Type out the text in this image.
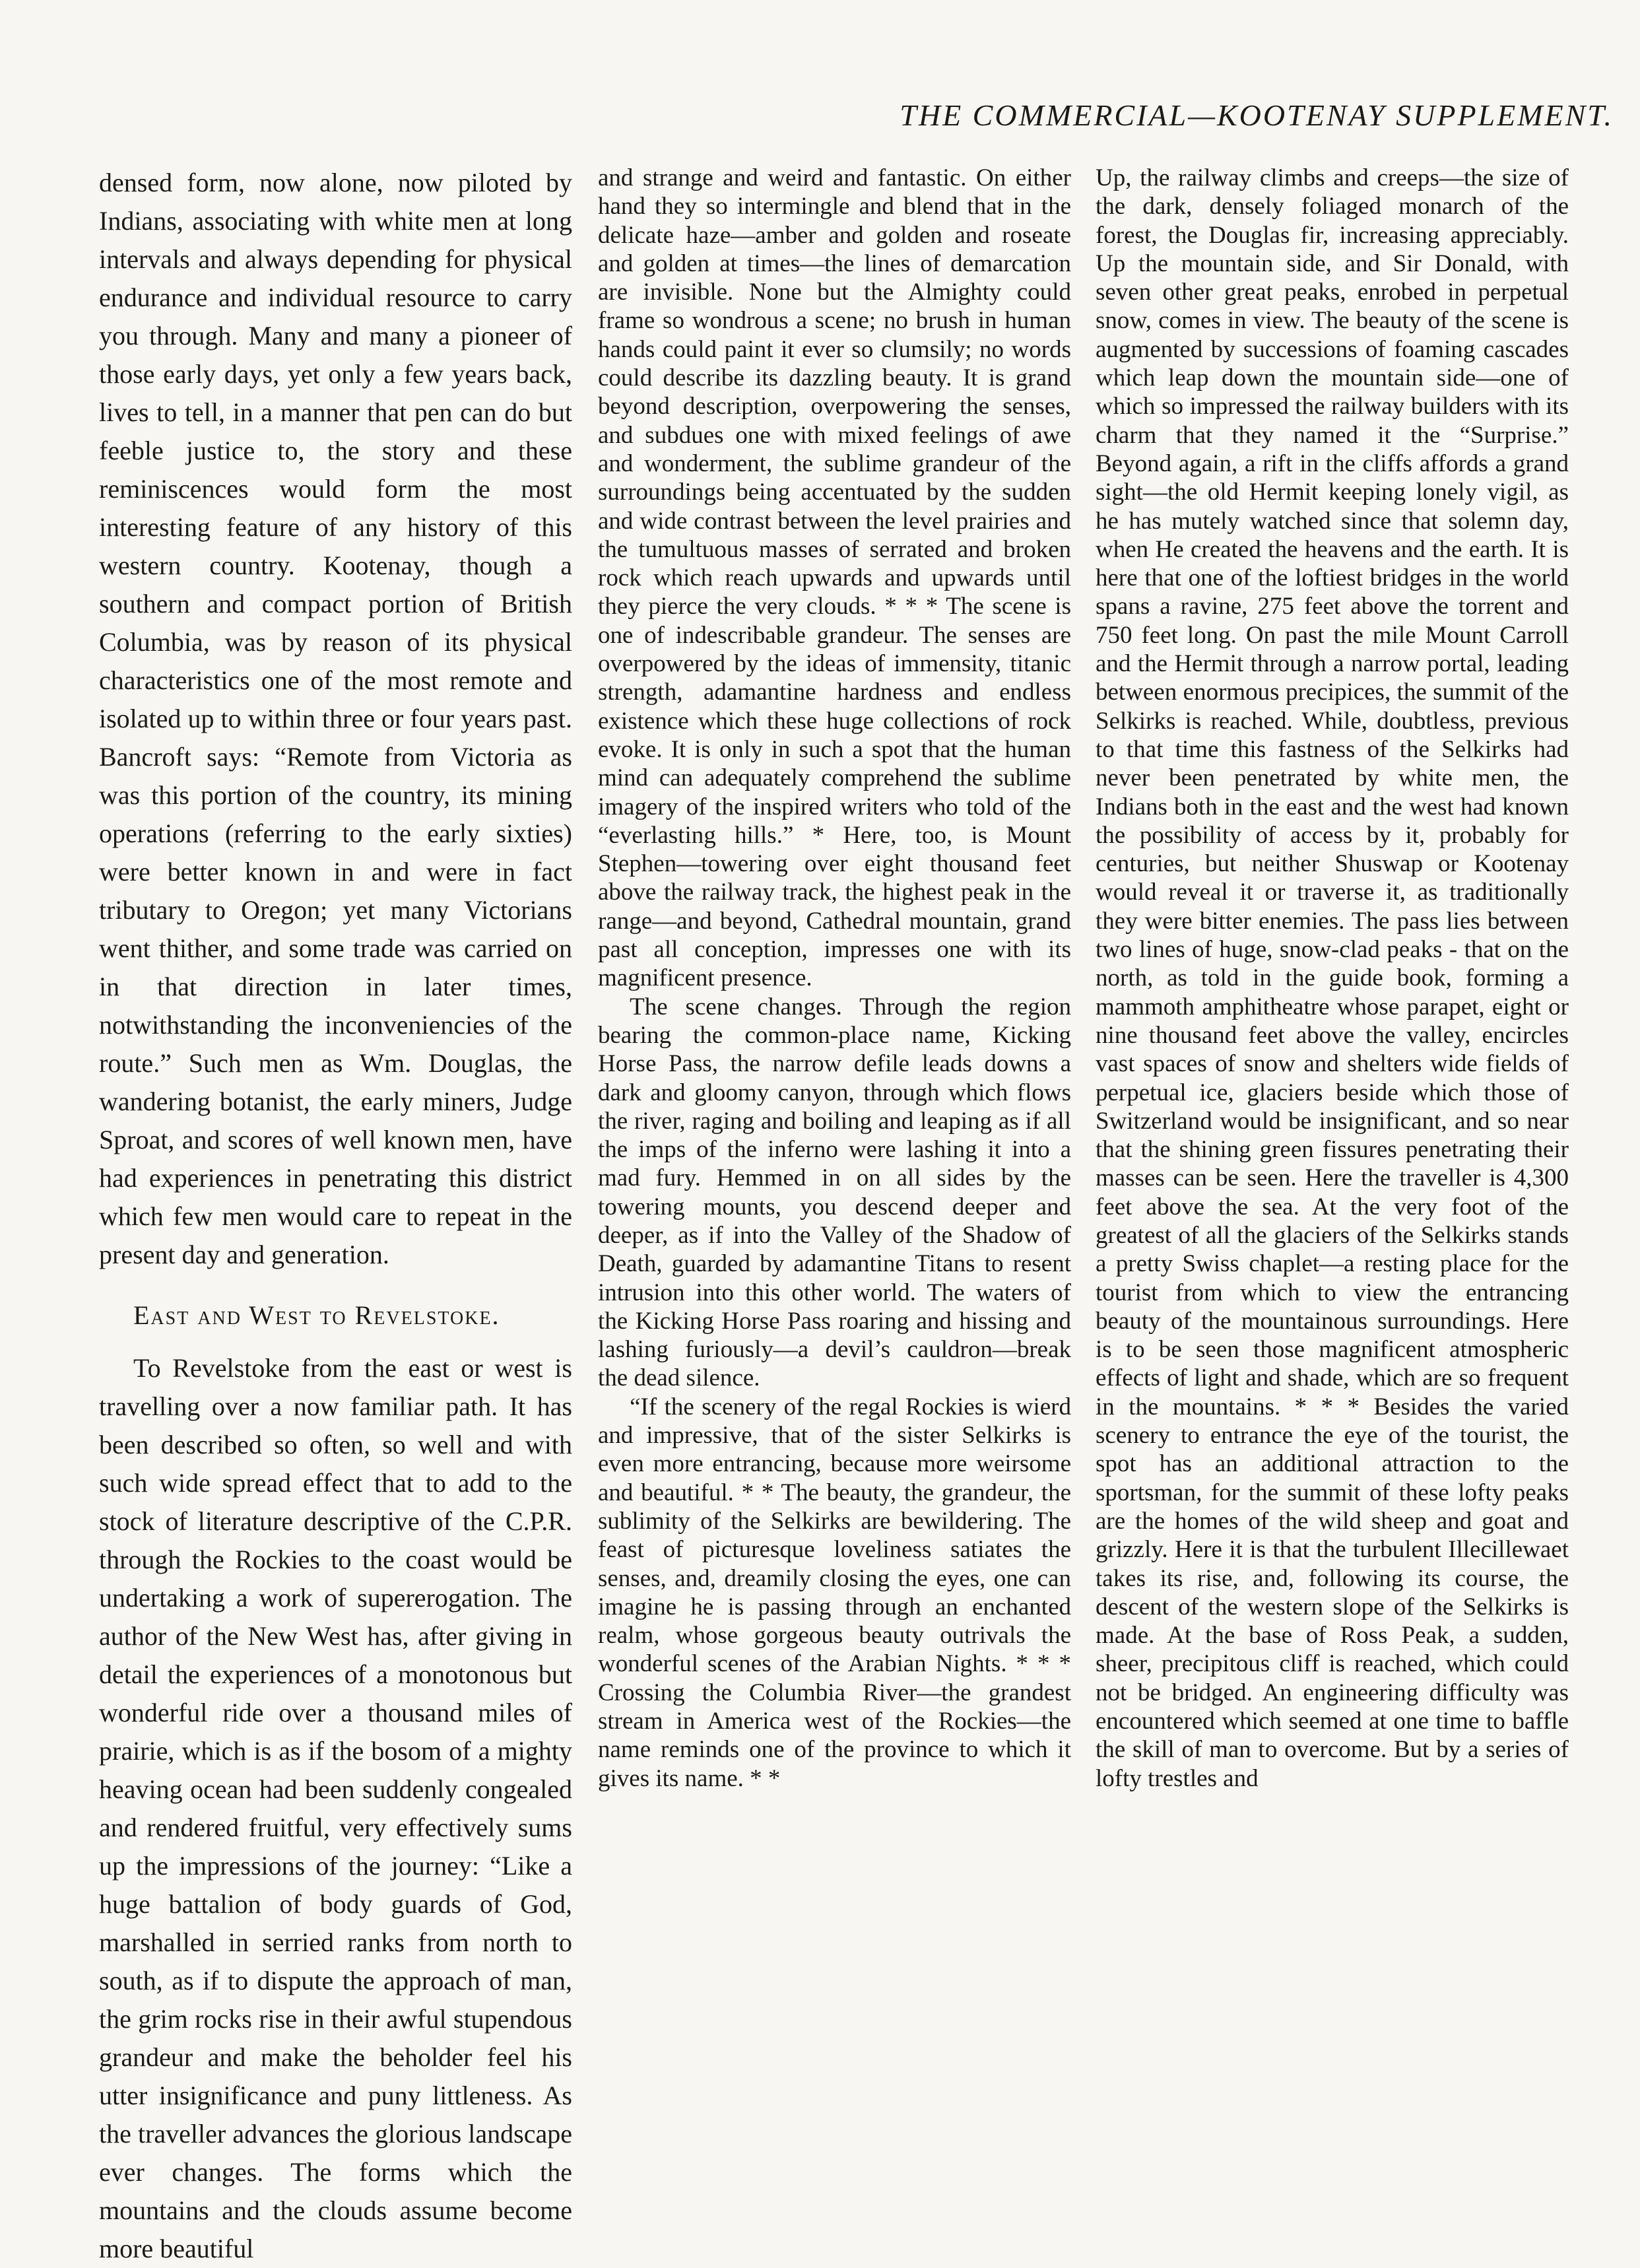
THE COMMERCIAL—KOOTENAY SUPPLEMENT.

densed form, now alone, now piloted by Indians, associating with white men at long intervals and always depending for physical endurance and individual resource to carry you through. Many and many a pioneer of those early days, yet only a few years back, lives to tell, in a manner that pen can do but feeble justice to, the story and these reminiscences would form the most interesting feature of any history of this western country. Kootenay, though a southern and compact portion of British Columbia, was by reason of its physical characteristics one of the most remote and isolated up to within three or four years past. Bancroft says: “Remote from Victoria as was this portion of the country, its mining operations (referring to the early sixties) were better known in and were in fact tributary to Oregon; yet many Victorians went thither, and some trade was carried on in that direction in later times, notwithstanding the inconveniencies of the route.” Such men as Wm. Douglas, the wandering botanist, the early miners, Judge Sproat, and scores of well known men, have had experiences in penetrating this district which few men would care to repeat in the present day and generation.

East and West to Revelstoke.

To Revelstoke from the east or west is travelling over a now familiar path. It has been described so often, so well and with such wide spread effect that to add to the stock of literature descriptive of the C.P.R. through the Rockies to the coast would be undertaking a work of supererogation. The author of the New West has, after giving in detail the experiences of a monotonous but wonderful ride over a thousand miles of prairie, which is as if the bosom of a mighty heaving ocean had been suddenly congealed and rendered fruitful, very effectively sums up the impressions of the journey: “Like a huge battalion of body guards of God, marshalled in serried ranks from north to south, as if to dispute the approach of man, the grim rocks rise in their awful stupendous grandeur and make the beholder feel his utter insignificance and puny littleness. As the traveller advances the glorious landscape ever changes. The forms which the mountains and the clouds assume become more beautiful

and strange and weird and fantastic. On either hand they so intermingle and blend that in the delicate haze—amber and golden and roseate and golden at times—the lines of demarcation are invisible. None but the Almighty could frame so wondrous a scene; no brush in human hands could paint it ever so clumsily; no words could describe its dazzling beauty. It is grand beyond description, overpowering the senses, and subdues one with mixed feelings of awe and wonderment, the sublime grandeur of the surroundings being accentuated by the sudden and wide contrast between the level prairies and the tumultuous masses of serrated and broken rock which reach upwards and upwards until they pierce the very clouds. * * * The scene is one of indescribable grandeur. The senses are overpowered by the ideas of immensity, titanic strength, adamantine hardness and endless existence which these huge collections of rock evoke. It is only in such a spot that the human mind can adequately comprehend the sublime imagery of the inspired writers who told of the “everlasting hills.” * Here, too, is Mount Stephen—towering over eight thousand feet above the railway track, the highest peak in the range—and beyond, Cathedral mountain, grand past all conception, impresses one with its magnificent presence.

The scene changes. Through the region bearing the common-place name, Kicking Horse Pass, the narrow defile leads downs a dark and gloomy canyon, through which flows the river, raging and boiling and leaping as if all the imps of the inferno were lashing it into a mad fury. Hemmed in on all sides by the towering mounts, you descend deeper and deeper, as if into the Valley of the Shadow of Death, guarded by adamantine Titans to resent intrusion into this other world. The waters of the Kicking Horse Pass roaring and hissing and lashing furiously—a devil’s cauldron—break the dead silence.

“If the scenery of the regal Rockies is wierd and impressive, that of the sister Selkirks is even more entrancing, because more weirsome and beautiful. * * The beauty, the grandeur, the sublimity of the Selkirks are bewildering. The feast of picturesque loveliness satiates the senses, and, dreamily closing the eyes, one can imagine he is passing through an enchanted realm, whose gorgeous beauty outrivals the wonderful scenes of the Arabian Nights. * * * Crossing the Columbia River—the grandest stream in America west of the Rockies—the name reminds one of the province to which it gives its name. * *

Up, the railway climbs and creeps—the size of the dark, densely foliaged monarch of the forest, the Douglas fir, increasing appreciably. Up the mountain side, and Sir Donald, with seven other great peaks, enrobed in perpetual snow, comes in view. The beauty of the scene is augmented by successions of foaming cascades which leap down the mountain side—one of which so impressed the railway builders with its charm that they named it the “Surprise.” Beyond again, a rift in the cliffs affords a grand sight—the old Hermit keeping lonely vigil, as he has mutely watched since that solemn day, when He created the heavens and the earth. It is here that one of the loftiest bridges in the world spans a ravine, 275 feet above the torrent and 750 feet long. On past the mile Mount Carroll and the Hermit through a narrow portal, leading between enormous precipices, the summit of the Selkirks is reached. While, doubtless, previous to that time this fastness of the Selkirks had never been penetrated by white men, the Indians both in the east and the west had known the possibility of access by it, probably for centuries, but neither Shuswap or Kootenay would reveal it or traverse it, as traditionally they were bitter enemies. The pass lies between two lines of huge, snow-clad peaks - that on the north, as told in the guide book, forming a mammoth amphitheatre whose parapet, eight or nine thousand feet above the valley, encircles vast spaces of snow and shelters wide fields of perpetual ice, glaciers beside which those of Switzerland would be insignificant, and so near that the shining green fissures penetrating their masses can be seen. Here the traveller is 4,300 feet above the sea. At the very foot of the greatest of all the glaciers of the Selkirks stands a pretty Swiss chaplet—a resting place for the tourist from which to view the entrancing beauty of the mountainous surroundings. Here is to be seen those magnificent atmospheric effects of light and shade, which are so frequent in the mountains. * * * Besides the varied scenery to entrance the eye of the tourist, the spot has an additional attraction to the sportsman, for the summit of these lofty peaks are the homes of the wild sheep and goat and grizzly. Here it is that the turbulent Illecillewaet takes its rise, and, following its course, the descent of the western slope of the Selkirks is made. At the base of Ross Peak, a sudden, sheer, precipitous cliff is reached, which could not be bridged. An engineering difficulty was encountered which seemed at one time to baffle the skill of man to overcome. But by a series of lofty trestles and
